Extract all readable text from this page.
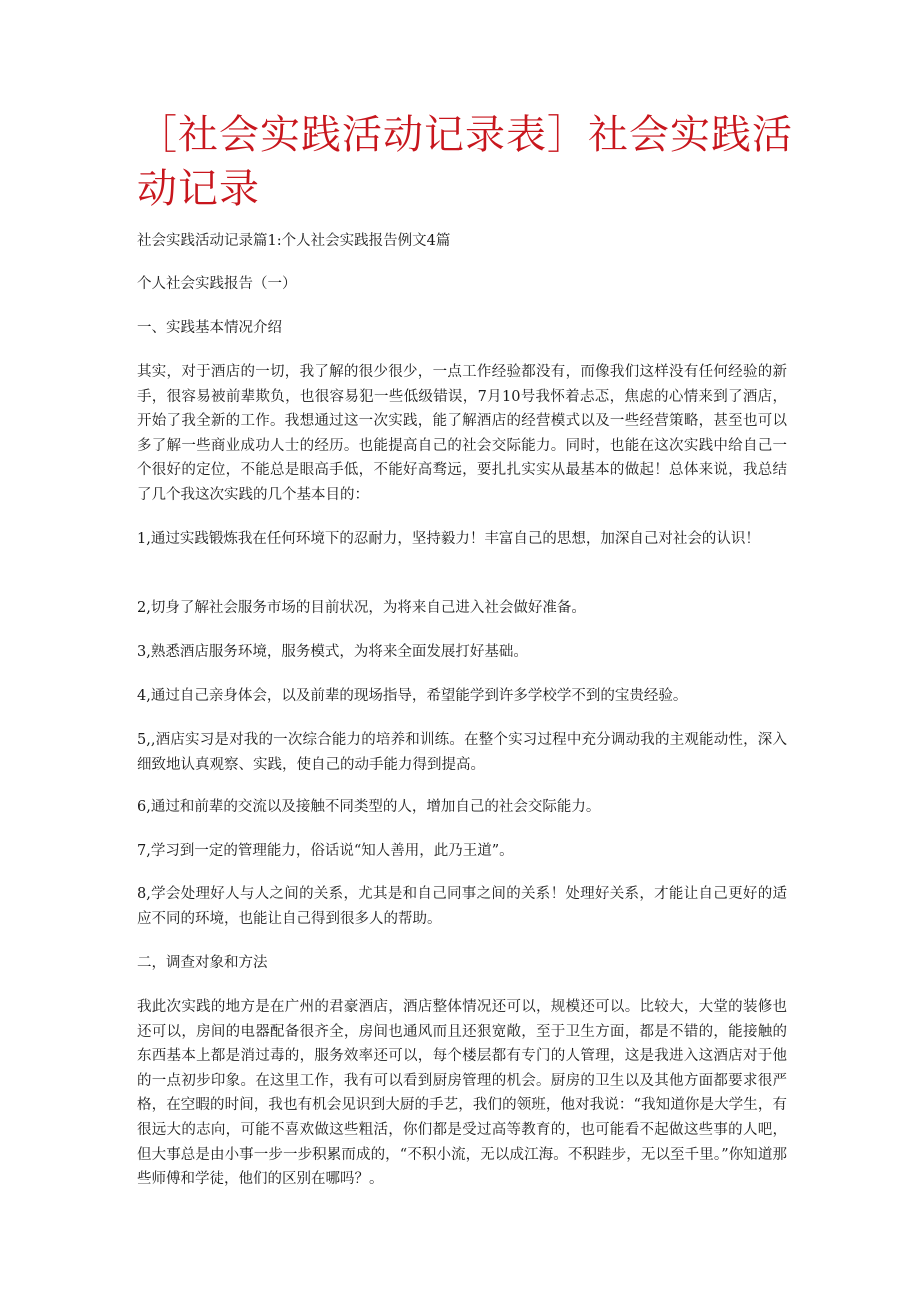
［社会实践活动记录表］社会实践活动记录

社会实践活动记录篇1:个人社会实践报告例文4篇

个人社会实践报告（一）

一、实践基本情况介绍

其实，对于酒店的一切，我了解的很少很少，一点工作经验都没有，而像我们这样没有任何经验的新手，很容易被前辈欺负，也很容易犯一些低级错误，7月10号我怀着忐忑，焦虑的心情来到了酒店，开始了我全新的工作。我想通过这一次实践，能了解酒店的经营模式以及一些经营策略，甚至也可以多了解一些商业成功人士的经历。也能提高自己的社会交际能力。同时，也能在这次实践中给自己一个很好的定位，不能总是眼高手低，不能好高骛远，要扎扎实实从最基本的做起！总体来说，我总结了几个我这次实践的几个基本目的：

1,通过实践锻炼我在任何环境下的忍耐力，坚持毅力！丰富自己的思想，加深自己对社会的认识！

2,切身了解社会服务市场的目前状况，为将来自己进入社会做好准备。

3,熟悉酒店服务环境，服务模式，为将来全面发展打好基础。

4,通过自己亲身体会，以及前辈的现场指导，希望能学到许多学校学不到的宝贵经验。

5,,酒店实习是对我的一次综合能力的培养和训练。在整个实习过程中充分调动我的主观能动性，深入细致地认真观察、实践，使自己的动手能力得到提高。

6,通过和前辈的交流以及接触不同类型的人，增加自己的社会交际能力。

7,学习到一定的管理能力，俗话说“知人善用，此乃王道”。

8,学会处理好人与人之间的关系，尤其是和自己同事之间的关系！处理好关系，才能让自己更好的适应不同的环境，也能让自己得到很多人的帮助。

二，调查对象和方法

我此次实践的地方是在广州的君豪酒店，酒店整体情况还可以，规模还可以。比较大，大堂的装修也还可以，房间的电器配备很齐全，房间也通风而且还狠宽敞，至于卫生方面，都是不错的，能接触的东西基本上都是消过毒的，服务效率还可以，每个楼层都有专门的人管理，这是我进入这酒店对于他的一点初步印象。在这里工作，我有可以看到厨房管理的机会。厨房的卫生以及其他方面都要求很严格，在空暇的时间，我也有机会见识到大厨的手艺，我们的领班，他对我说：“我知道你是大学生，有很远大的志向，可能不喜欢做这些粗活，你们都是受过高等教育的，也可能看不起做这些事的人吧，但大事总是由小事一步一步积累而成的，“不积小流，无以成江海。不积跬步，无以至千里。”你知道那些师傅和学徒，他们的区别在哪吗？。
